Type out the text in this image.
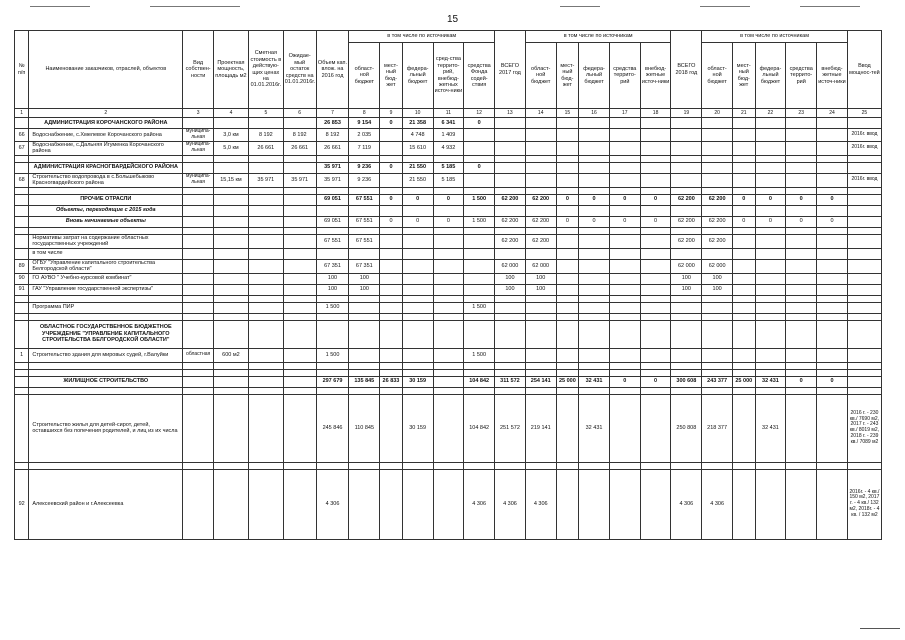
15
№ п/п	Наименование заказчиков, отраслей, объектов	Вид собствен-ности	Проектная мощность, площадь м2	Сметная стоимость в действую-щих ценах на 01.01.2016г.	Ожидае-мый остаток средств на 01.01.2016г.	Объем кап. влож. на 2016 год	в том числе по источникам					ВСЕГО 2017 год	в том числе по источникам					ВСЕГО 2018 год	в том числе по источникам					Ввод мощнос-тей
							област-ной бюджет	мест-ный бюд-жет	федера-льный бюджет	сред-ства террито-рий, внебюд-жетных источ-ники	средства Фонда содей-ствия		област-ной бюджет	мест-ный бюд-жет	федера-льный бюджет	средства террито-рий	внебюд-жетные источ-ники		област-ной бюджет	мест-ный бюд-жет	федера-льный бюджет	средства террито-рий	внебюд-жетные источ-ники	
1	2	3	4	5	6	7	8	9	10	11	12	13	14	15	16	17	18	19	20	21	22	23	24	25
	АДМИНИСТРАЦИЯ КОРОЧАНСКОГО РАЙОНА					26 853	9 154	0	21 358	6 341	0													
66	Водоснабжение, с.Хмелевое Корочанского района	муниципа-льная	3,0 км	8 192	8 192	8 192	2 035		4 748	1 409														2016г. ввод
67	Водоснабжение, с.Дальняя Игуменка Корочанского района	муниципа-льная	5,0 км	26 661	26 661	26 661	7 119		15 610	4 932														2016г. ввод

	АДМИНИСТРАЦИЯ КРАСНОГВАРДЕЙСКОГО РАЙОНА					35 971	9 236	0	21 550	5 185	0													
68	Строительство водопровода в с.Большебыково Красногвардейского района	муниципа-льная	15,15 км	35 971	35 971	35 971	9 236		21 550	5 185														2016г. ввод

	ПРОЧИЕ ОТРАСЛИ					69 051	67 551	0	0	0	1 500	62 200	62 200	0	0	0	0	62 200	62 200	0	0	0	0	
	Объекты, переходящие с 2015 года																							
	Вновь начинаемые объекты					69 051	67 551	0	0	0	1 500	62 200	62 200	0	0	0	0	62 200	62 200	0	0	0	0	

	Нормативы затрат на содержание областных государственных учреждений					67 551	67 551					62 200	62 200					62 200	62 200					
	в том числе																							
89	ОГБУ "Управление капитального строительства Белгородской области"					67 351	67 351					62 000	62 000					62 000	62 000					
90	ГО АУВО " Учебно-курсовой комбинат"					100	100					100	100					100	100					
91	ГАУ "Управление государственной экспертизы"					100	100					100	100					100	100					

	Программа ПИР					1 500					1 500													

	ОБЛАСТНОЕ ГОСУДАРСТВЕННОЕ БЮДЖЕТНОЕ УЧРЕЖДЕНИЕ "УПРАВЛЕНИЕ КАПИТАЛЬНОГО СТРОИТЕЛЬСТВА БЕЛГОРОДСКОЙ ОБЛАСТИ"																							
1	Строительство здания для мировых судей, г.Валуйки	областная	600 м2			1 500					1 500													

	ЖИЛИЩНОЕ СТРОИТЕЛЬСТВО					297 679	135 845	26 833	30 159		104 842	311 572	254 141	25 000	32 431	0	0	300 608	243 377	25 000	32 431	0	0	

	Строительство жилья для детей-сирот, детей, оставшихся без попечения родителей, и лиц из их числа					245 846	110 845		30 159		104 842	251 572	219 141		32 431			250 808	218 377		32 431			2016 г. - 230 кв./ 7690 м2, 2017 г. - 243 кв./ 8019 м2, 2018 г. - 239 кв./ 7089 м2

92	Алексеевский район и г.Алексеевка					4 306					4 306	4 306	4 306					4 306	4 306					2016г. - 4 кв./ 150 м2, 2017 г. - 4 кв./ 132 м2, 2018г. - 4 кв. / 132 м2
